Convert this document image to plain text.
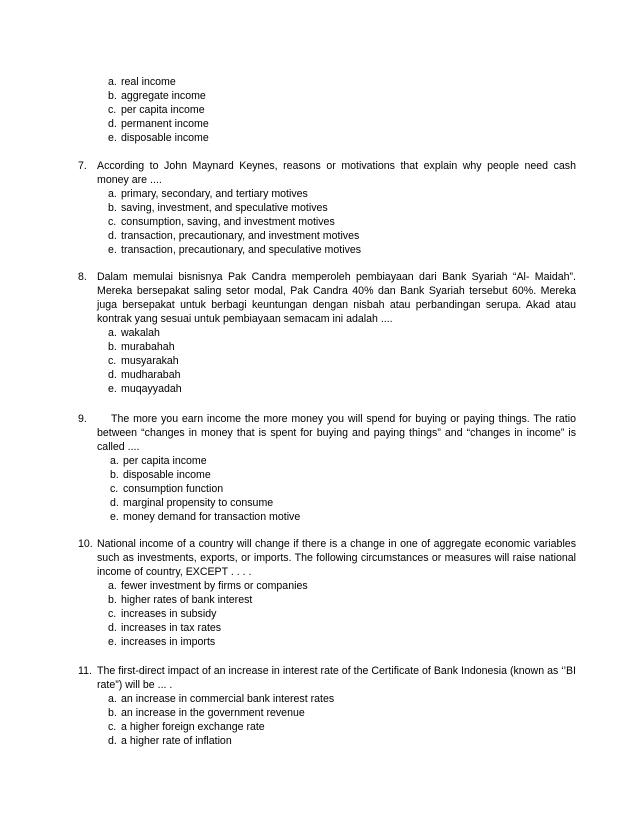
a. real income
b. aggregate income
c. per capita income
d. permanent income
e. disposable income
7. According to John Maynard Keynes, reasons or motivations that explain why people need cash money are ....
a. primary, secondary, and tertiary motives
b. saving, investment, and speculative motives
c. consumption, saving, and investment motives
d. transaction, precautionary, and investment motives
e. transaction, precautionary, and speculative motives
8. Dalam memulai bisnisnya Pak Candra memperoleh pembiayaan dari Bank Syariah “Al- Maidah”. Mereka bersepakat saling setor modal, Pak Candra 40% dan Bank Syariah tersebut 60%. Mereka juga bersepakat untuk berbagi keuntungan dengan nisbah atau perbandingan serupa. Akad atau kontrak yang sesuai untuk pembiayaan semacam ini adalah ....
a. wakalah
b. murabahah
c. musyarakah
d. mudharabah
e. muqayyadah
9.	The more you earn income the more money you will spend for buying or paying things. The ratio between “changes in money that is spent for buying and paying things” and “changes in income” is called ....
a. per capita income
b. disposable income
c. consumption function
d. marginal propensity to consume
e. money demand for transaction motive
10. National income of a country will change if there is a change in one of aggregate economic variables such as investments, exports, or imports. The following circumstances or measures will raise national income of country, EXCEPT . . . .
a. fewer investment by firms or companies
b. higher rates of bank interest
c. increases in subsidy
d. increases in tax rates
e. increases in imports
11. The first-direct impact of an increase in interest rate of the Certificate of Bank Indonesia (known as ‘’BI rate”) will be ... .
a. an increase in commercial bank interest rates
b. an increase in the government revenue
c. a higher foreign exchange rate
d. a higher rate of inflation
